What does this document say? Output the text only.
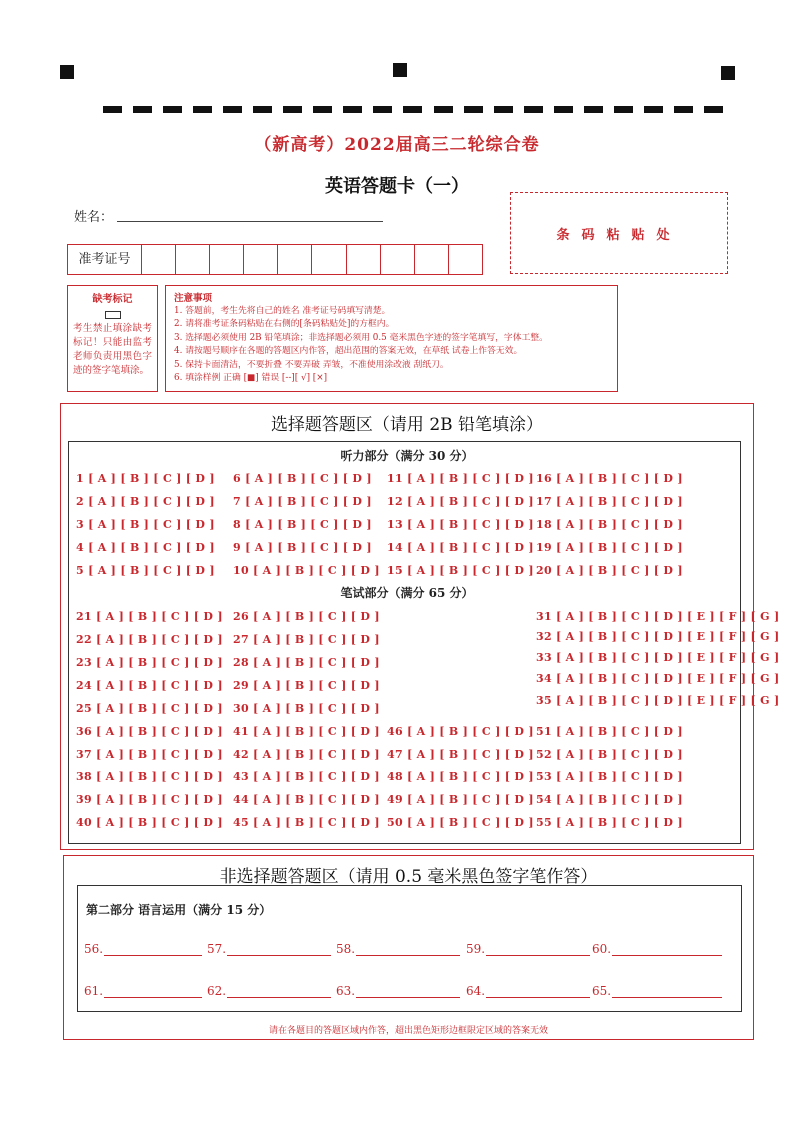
（新高考）2022届高三二轮综合卷
英语答题卡（一）
姓名：
条码粘贴处
准考证号
缺考标记
考生禁止填涂缺考标记！只能由监考老师负责用黑色字迹的签字笔填涂。
注意事项
1. 答题前，考生先将自己的姓名 准考证号码填写清楚。
2. 请将准考证条码粘贴在右侧的[条码粘贴处]的方框内。
3. 选择题必须使用 2B 铅笔填涂；非选择题必须用 0.5 毫米黑色字迹的签字笔填写，字体工整。
4. 请按题号顺序在各题的答题区内作答，超出范围的答案无效，在草纸 试卷上作答无效。
5. 保持卡面清洁，不要折叠 不要弄破 弄皱，不准使用涂改液 刮纸刀。
6. 填涂样例 正确 [■] 错误 [--][ √] [×]
选择题答题区（请用 2B 铅笔填涂）
听力部分（满分 30 分）
笔试部分（满分 65 分）
1 [ A ] [ B ] [ C ] [ D ] 6 [ A ] [ B ] [ C ] [ D ] 11 [ A ] [ B ] [ C ] [ D ] 16 [ A ] [ B ] [ C ] [ D ]
2 [ A ] [ B ] [ C ] [ D ] 7 [ A ] [ B ] [ C ] [ D ] 12 [ A ] [ B ] [ C ] [ D ] 17 [ A ] [ B ] [ C ] [ D ]
3 [ A ] [ B ] [ C ] [ D ] 8 [ A ] [ B ] [ C ] [ D ] 13 [ A ] [ B ] [ C ] [ D ] 18 [ A ] [ B ] [ C ] [ D ]
4 [ A ] [ B ] [ C ] [ D ] 9 [ A ] [ B ] [ C ] [ D ] 14 [ A ] [ B ] [ C ] [ D ] 19 [ A ] [ B ] [ C ] [ D ]
5 [ A ] [ B ] [ C ] [ D ] 10 [ A ] [ B ] [ C ] [ D ] 15 [ A ] [ B ] [ C ] [ D ] 20 [ A ] [ B ] [ C ] [ D ]
21 [ A ] [ B ] [ C ] [ D ] 26 [ A ] [ B ] [ C ] [ D ]
22 [ A ] [ B ] [ C ] [ D ] 27 [ A ] [ B ] [ C ] [ D ]
23 [ A ] [ B ] [ C ] [ D ] 28 [ A ] [ B ] [ C ] [ D ]
24 [ A ] [ B ] [ C ] [ D ] 29 [ A ] [ B ] [ C ] [ D ]
25 [ A ] [ B ] [ C ] [ D ] 30 [ A ] [ B ] [ C ] [ D ]
31 [ A ] [ B ] [ C ] [ D ] [ E ] [ F ] [ G ]
32 [ A ] [ B ] [ C ] [ D ] [ E ] [ F ] [ G ]
33 [ A ] [ B ] [ C ] [ D ] [ E ] [ F ] [ G ]
34 [ A ] [ B ] [ C ] [ D ] [ E ] [ F ] [ G ]
35 [ A ] [ B ] [ C ] [ D ] [ E ] [ F ] [ G ]
36 [ A ] [ B ] [ C ] [ D ] 41 [ A ] [ B ] [ C ] [ D ] 46 [ A ] [ B ] [ C ] [ D ] 51 [ A ] [ B ] [ C ] [ D ]
37 [ A ] [ B ] [ C ] [ D ] 42 [ A ] [ B ] [ C ] [ D ] 47 [ A ] [ B ] [ C ] [ D ] 52 [ A ] [ B ] [ C ] [ D ]
38 [ A ] [ B ] [ C ] [ D ] 43 [ A ] [ B ] [ C ] [ D ] 48 [ A ] [ B ] [ C ] [ D ] 53 [ A ] [ B ] [ C ] [ D ]
39 [ A ] [ B ] [ C ] [ D ] 44 [ A ] [ B ] [ C ] [ D ] 49 [ A ] [ B ] [ C ] [ D ] 54 [ A ] [ B ] [ C ] [ D ]
40 [ A ] [ B ] [ C ] [ D ] 45 [ A ] [ B ] [ C ] [ D ] 50 [ A ] [ B ] [ C ] [ D ] 55 [ A ] [ B ] [ C ] [ D ]
非选择题答题区（请用 0.5 毫米黑色签字笔作答）
第二部分 语言运用（满分 15 分）
56.	57.	58.	59.	60.
61.	62.	63.	64.	65.
请在各题目的答题区域内作答，超出黑色矩形边框限定区域的答案无效
